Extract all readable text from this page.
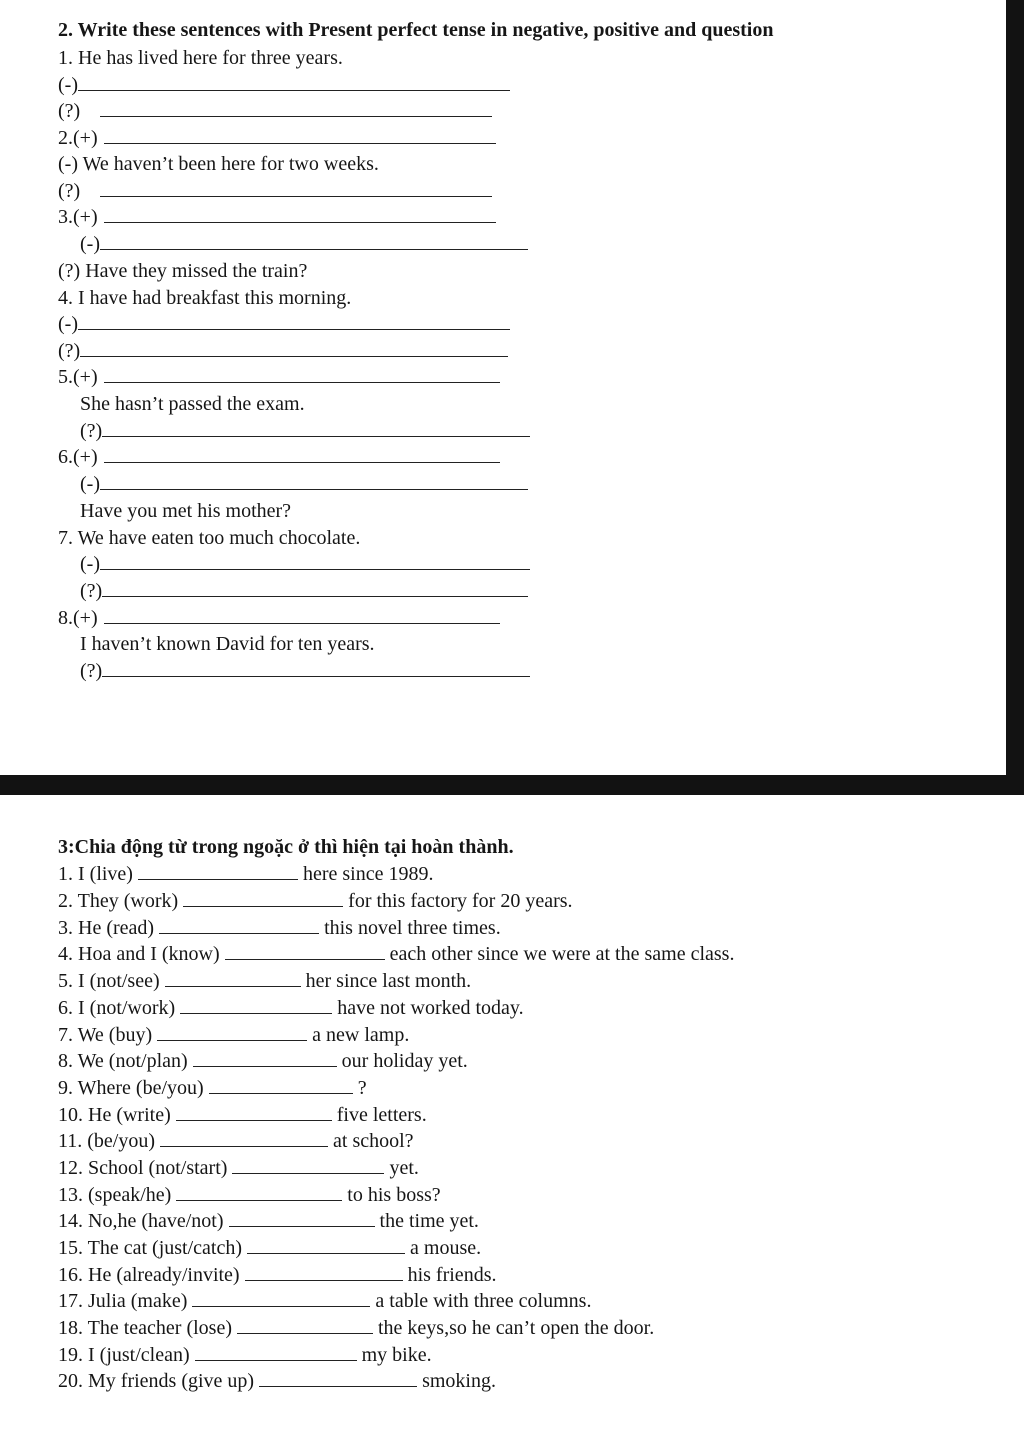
2. Write these sentences with Present perfect tense in negative, positive and question
1. He has lived here for three years.
(-)
(?)
2.(+)
(-) We haven’t been here for two weeks.
(?)
3.(+)
(-)
(?) Have they missed the train?
4. I have had breakfast this morning.
(-)
(?)
5.(+)
She hasn’t passed the exam.
(?)
6.(+)
(-)
Have you met his mother?
7. We have eaten too much chocolate.
(-)
(?)
8.(+)
I haven’t known David for ten years.
(?)
3:Chia động từ trong ngoặc ở thì hiện tại hoàn thành.
1. I (live)	here since 1989.
2. They (work)	for this factory for 20 years.
3. He (read)	this novel three times.
4. Hoa and I (know)	each other since we were at the same class.
5. I (not/see)	her since last month.
6. I (not/work)	have not worked today.
7. We (buy)	a new lamp.
8. We (not/plan)	our holiday yet.
9. Where (be/you)	?
10. He (write)	five letters.
11. (be/you)	at school?
12. School (not/start)	yet.
13. (speak/he)	to his boss?
14. No,he (have/not)	the time yet.
15. The cat (just/catch)	a mouse.
16. He (already/invite)	his friends.
17. Julia (make)	a table with three columns.
18. The teacher (lose)	the keys,so he can’t open the door.
19. I (just/clean)	my bike.
20. My friends (give up)	smoking.
